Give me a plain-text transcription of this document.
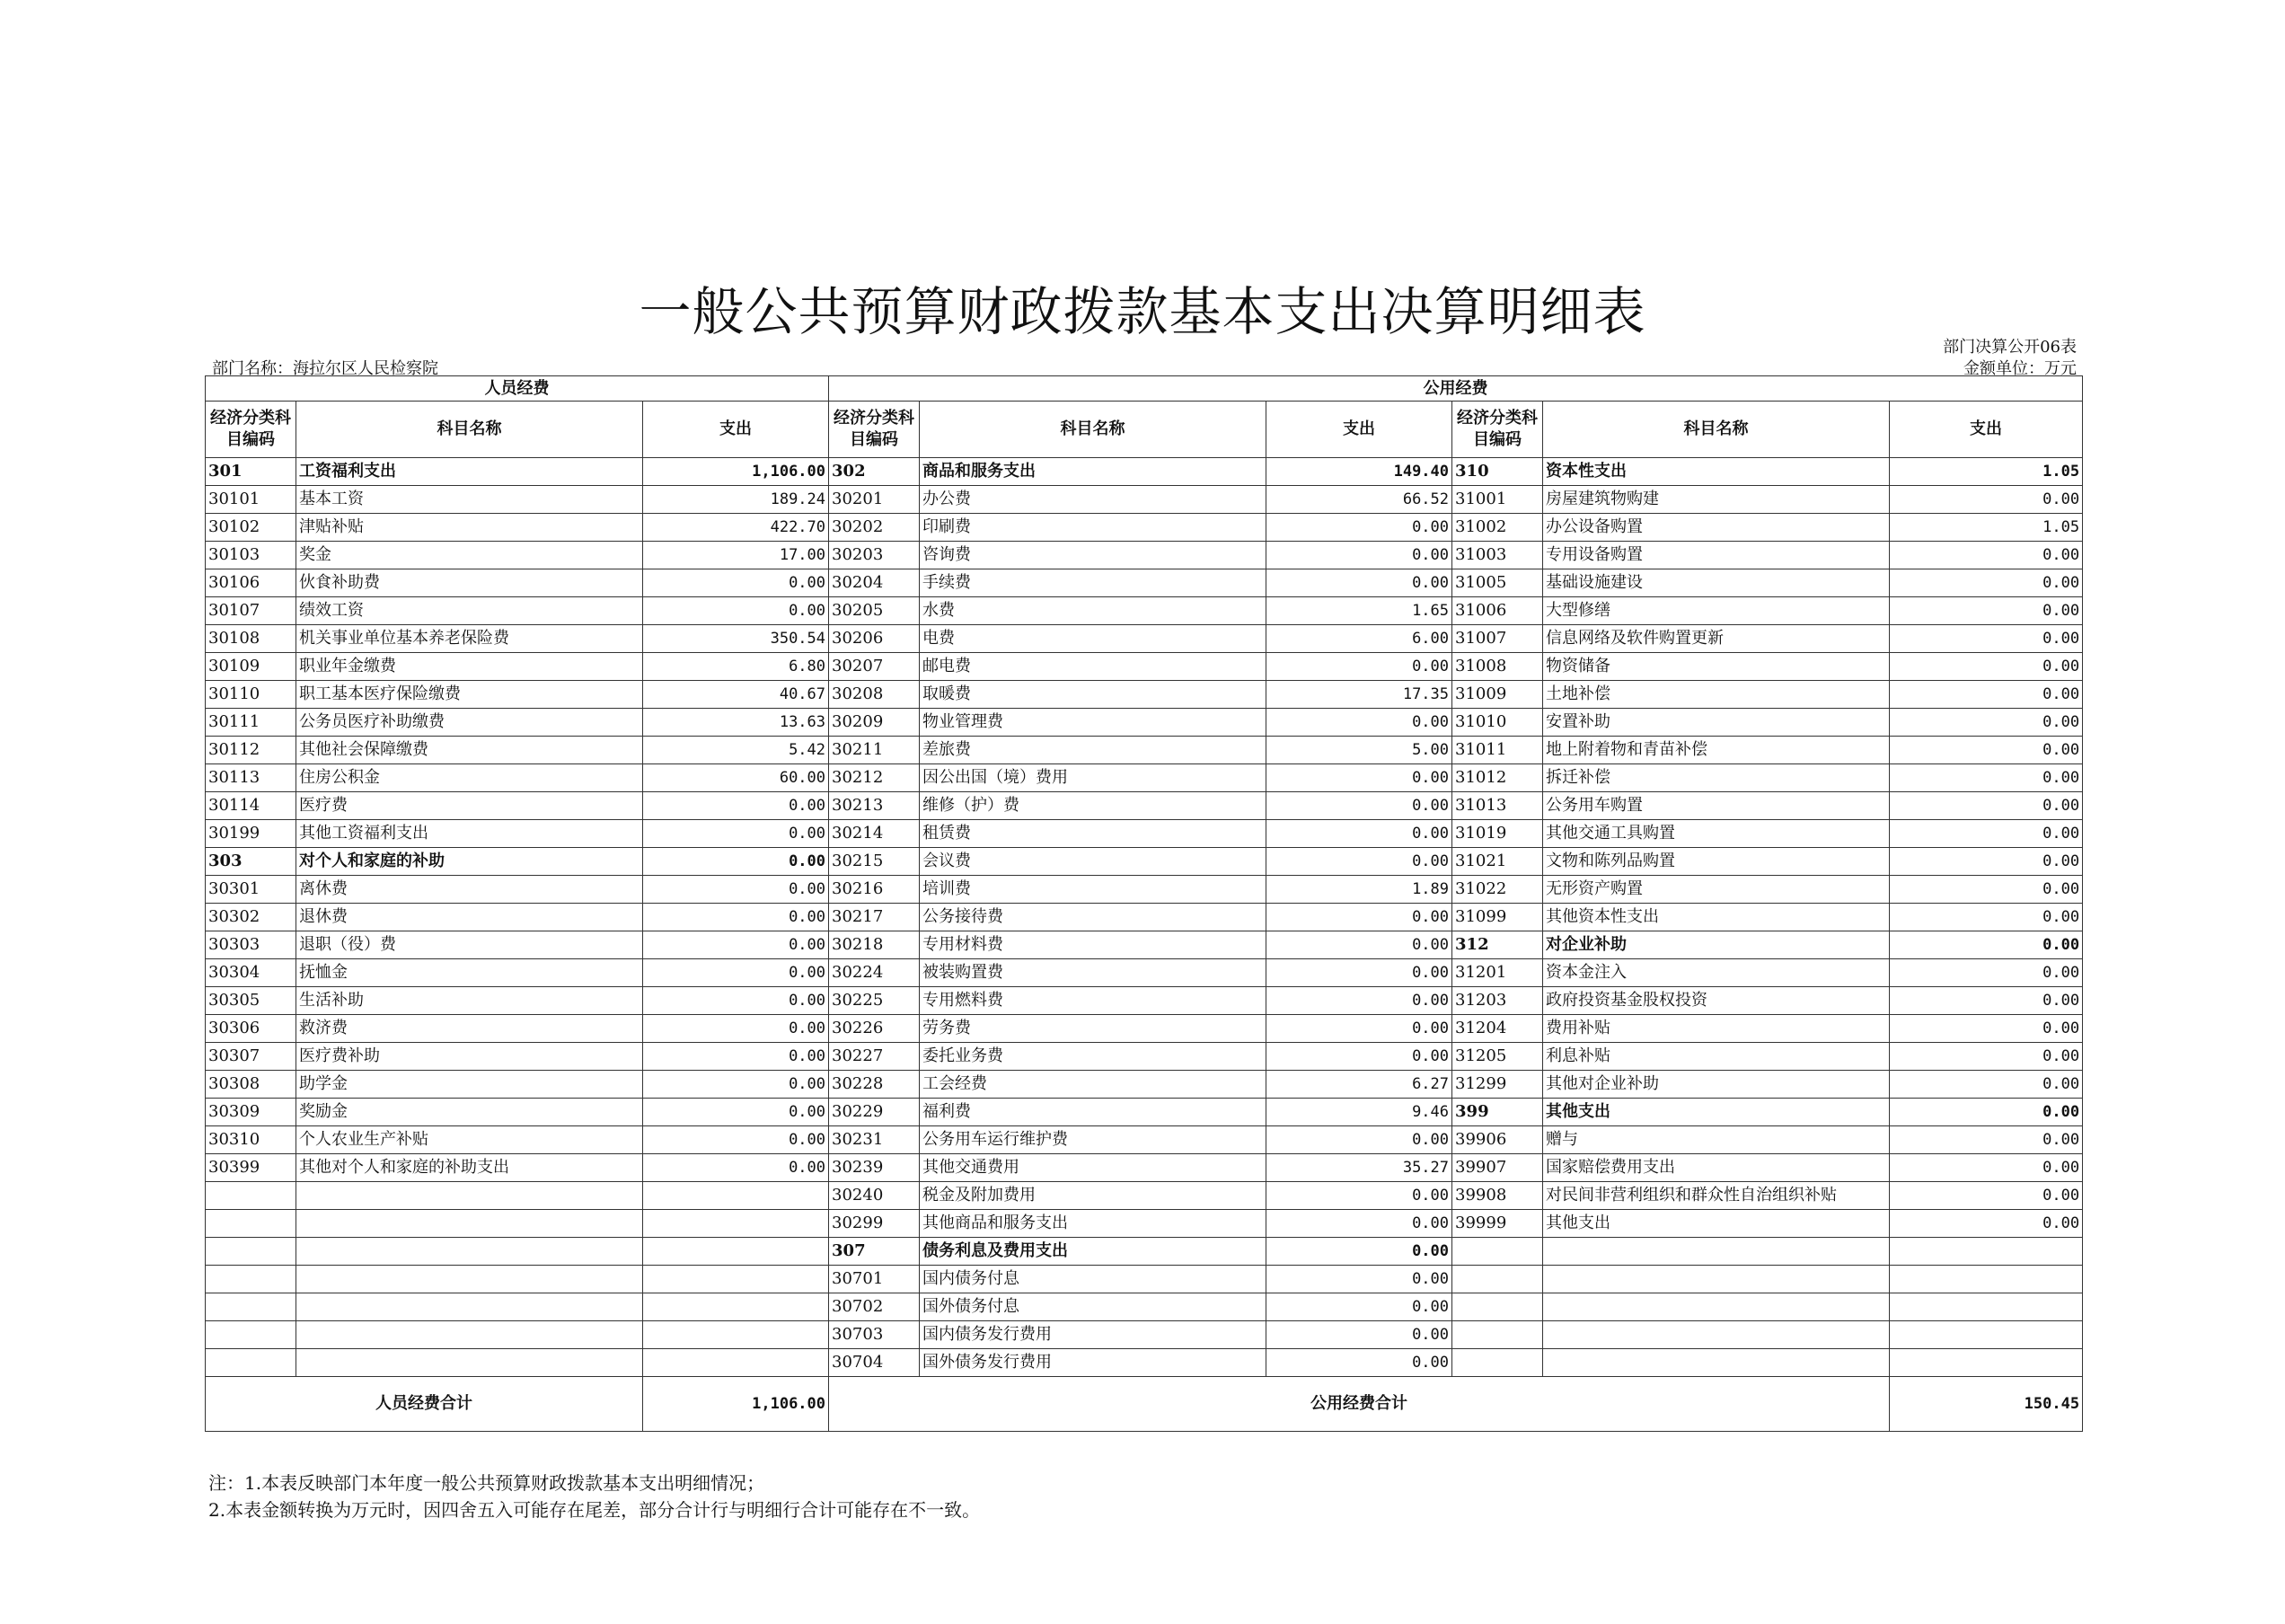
一般公共预算财政拨款基本支出决算明细表
部门决算公开06表
金额单位：万元
部门名称：海拉尔区人民检察院
人员经费			公用经费					
经济分类科目编码	科目名称	支出	经济分类科目编码	科目名称	支出	经济分类科目编码	科目名称	支出
301	工资福利支出	1,106.00	302	商品和服务支出	149.40	310	资本性支出	1.05
30101	基本工资	189.24	30201	办公费	66.52	31001	房屋建筑物购建	0.00
30102	津贴补贴	422.70	30202	印刷费	0.00	31002	办公设备购置	1.05
30103	奖金	17.00	30203	咨询费	0.00	31003	专用设备购置	0.00
30106	伙食补助费	0.00	30204	手续费	0.00	31005	基础设施建设	0.00
30107	绩效工资	0.00	30205	水费	1.65	31006	大型修缮	0.00
30108	机关事业单位基本养老保险费	350.54	30206	电费	6.00	31007	信息网络及软件购置更新	0.00
30109	职业年金缴费	6.80	30207	邮电费	0.00	31008	物资储备	0.00
30110	职工基本医疗保险缴费	40.67	30208	取暖费	17.35	31009	土地补偿	0.00
30111	公务员医疗补助缴费	13.63	30209	物业管理费	0.00	31010	安置补助	0.00
30112	其他社会保障缴费	5.42	30211	差旅费	5.00	31011	地上附着物和青苗补偿	0.00
30113	住房公积金	60.00	30212	因公出国（境）费用	0.00	31012	拆迁补偿	0.00
30114	医疗费	0.00	30213	维修（护）费	0.00	31013	公务用车购置	0.00
30199	其他工资福利支出	0.00	30214	租赁费	0.00	31019	其他交通工具购置	0.00
303	对个人和家庭的补助	0.00	30215	会议费	0.00	31021	文物和陈列品购置	0.00
30301	离休费	0.00	30216	培训费	1.89	31022	无形资产购置	0.00
30302	退休费	0.00	30217	公务接待费	0.00	31099	其他资本性支出	0.00
30303	退职（役）费	0.00	30218	专用材料费	0.00	312	对企业补助	0.00
30304	抚恤金	0.00	30224	被装购置费	0.00	31201	资本金注入	0.00
30305	生活补助	0.00	30225	专用燃料费	0.00	31203	政府投资基金股权投资	0.00
30306	救济费	0.00	30226	劳务费	0.00	31204	费用补贴	0.00
30307	医疗费补助	0.00	30227	委托业务费	0.00	31205	利息补贴	0.00
30308	助学金	0.00	30228	工会经费	6.27	31299	其他对企业补助	0.00
30309	奖励金	0.00	30229	福利费	9.46	399	其他支出	0.00
30310	个人农业生产补贴	0.00	30231	公务用车运行维护费	0.00	39906	赠与	0.00
30399	其他对个人和家庭的补助支出	0.00	30239	其他交通费用	35.27	39907	国家赔偿费用支出	0.00
			30240	税金及附加费用	0.00	39908	对民间非营利组织和群众性自治组织补贴	0.00
			30299	其他商品和服务支出	0.00	39999	其他支出	0.00
			307	债务利息及费用支出	0.00			
			30701	国内债务付息	0.00			
			30702	国外债务付息	0.00			
			30703	国内债务发行费用	0.00			
			30704	国外债务发行费用	0.00			
人员经费合计		1,106.00	公用经费合计					150.45
注：1.本表反映部门本年度一般公共预算财政拨款基本支出明细情况；
2.本表金额转换为万元时，因四舍五入可能存在尾差，部分合计行与明细行合计可能存在不一致。
